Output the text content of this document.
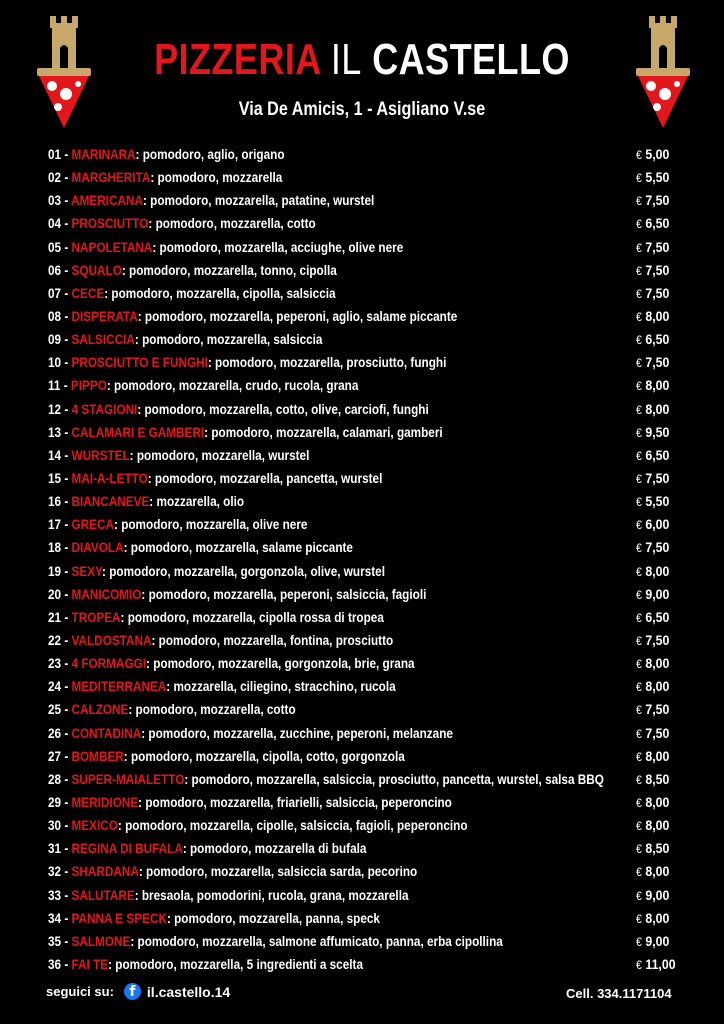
PIZZERIA IL CASTELLO
Via De Amicis, 1 - Asigliano V.se
01 - MARINARA: pomodoro, aglio, origano	€ 5,00
02 - MARGHERITA: pomodoro, mozzarella	€ 5,50
03 - AMERICANA: pomodoro, mozzarella, patatine, wurstel	€ 7,50
04 - PROSCIUTTO: pomodoro, mozzarella, cotto	€ 6,50
05 - NAPOLETANA: pomodoro, mozzarella, acciughe, olive nere	€ 7,50
06 - SQUALO: pomodoro, mozzarella, tonno, cipolla	€ 7,50
07 - CECE: pomodoro, mozzarella, cipolla, salsiccia	€ 7,50
08 - DISPERATA: pomodoro, mozzarella, peperoni, aglio, salame piccante	€ 8,00
09 - SALSICCIA: pomodoro, mozzarella, salsiccia	€ 6,50
10 - PROSCIUTTO E FUNGHI: pomodoro, mozzarella, prosciutto, funghi	€ 7,50
11 - PIPPO: pomodoro, mozzarella, crudo, rucola, grana	€ 8,00
12 - 4 STAGIONI: pomodoro, mozzarella, cotto, olive, carciofi, funghi	€ 8,00
13 - CALAMARI E GAMBERI: pomodoro, mozzarella, calamari, gamberi	€ 9,50
14 - WURSTEL: pomodoro, mozzarella, wurstel	€ 6,50
15 - MAI-A-LETTO: pomodoro, mozzarella, pancetta, wurstel	€ 7,50
16 - BIANCANEVE: mozzarella, olio	€ 5,50
17 - GRECA: pomodoro, mozzarella, olive nere	€ 6,00
18 - DIAVOLA: pomodoro, mozzarella, salame piccante	€ 7,50
19 - SEXY: pomodoro, mozzarella, gorgonzola, olive, wurstel	€ 8,00
20 - MANICOMIO: pomodoro, mozzarella, peperoni, salsiccia, fagioli	€ 9,00
21 - TROPEA: pomodoro, mozzarella, cipolla rossa di tropea	€ 6,50
22 - VALDOSTANA: pomodoro, mozzarella, fontina, prosciutto	€ 7,50
23 - 4 FORMAGGI: pomodoro, mozzarella, gorgonzola, brie, grana	€ 8,00
24 - MEDITERRANEA: mozzarella, ciliegino, stracchino, rucola	€ 8,00
25 - CALZONE: pomodoro, mozzarella, cotto	€ 7,50
26 - CONTADINA: pomodoro, mozzarella, zucchine, peperoni, melanzane	€ 7,50
27 - BOMBER: pomodoro, mozzarella, cipolla, cotto, gorgonzola	€ 8,00
28 - SUPER-MAIALETTO: pomodoro, mozzarella, salsiccia, prosciutto, pancetta, wurstel, salsa BBQ	€ 8,50
29 - MERIDIONE: pomodoro, mozzarella, friarielli, salsiccia, peperoncino	€ 8,00
30 - MEXICO: pomodoro, mozzarella, cipolle, salsiccia, fagioli, peperoncino	€ 8,00
31 - REGINA DI BUFALA: pomodoro, mozzarella di bufala	€ 8,50
32 - SHARDANA: pomodoro, mozzarella, salsiccia sarda, pecorino	€ 8,00
33 - SALUTARE: bresaola, pomodorini, rucola, grana, mozzarella	€ 9,00
34 - PANNA E SPECK: pomodoro, mozzarella, panna, speck	€ 8,00
35 - SALMONE: pomodoro, mozzarella, salmone affumicato, panna, erba cipollina	€ 9,00
36 - FAI TE: pomodoro, mozzarella, 5 ingredienti a scelta	€ 11,00
seguici su:	f il.castello.14	Cell. 334.1171104
